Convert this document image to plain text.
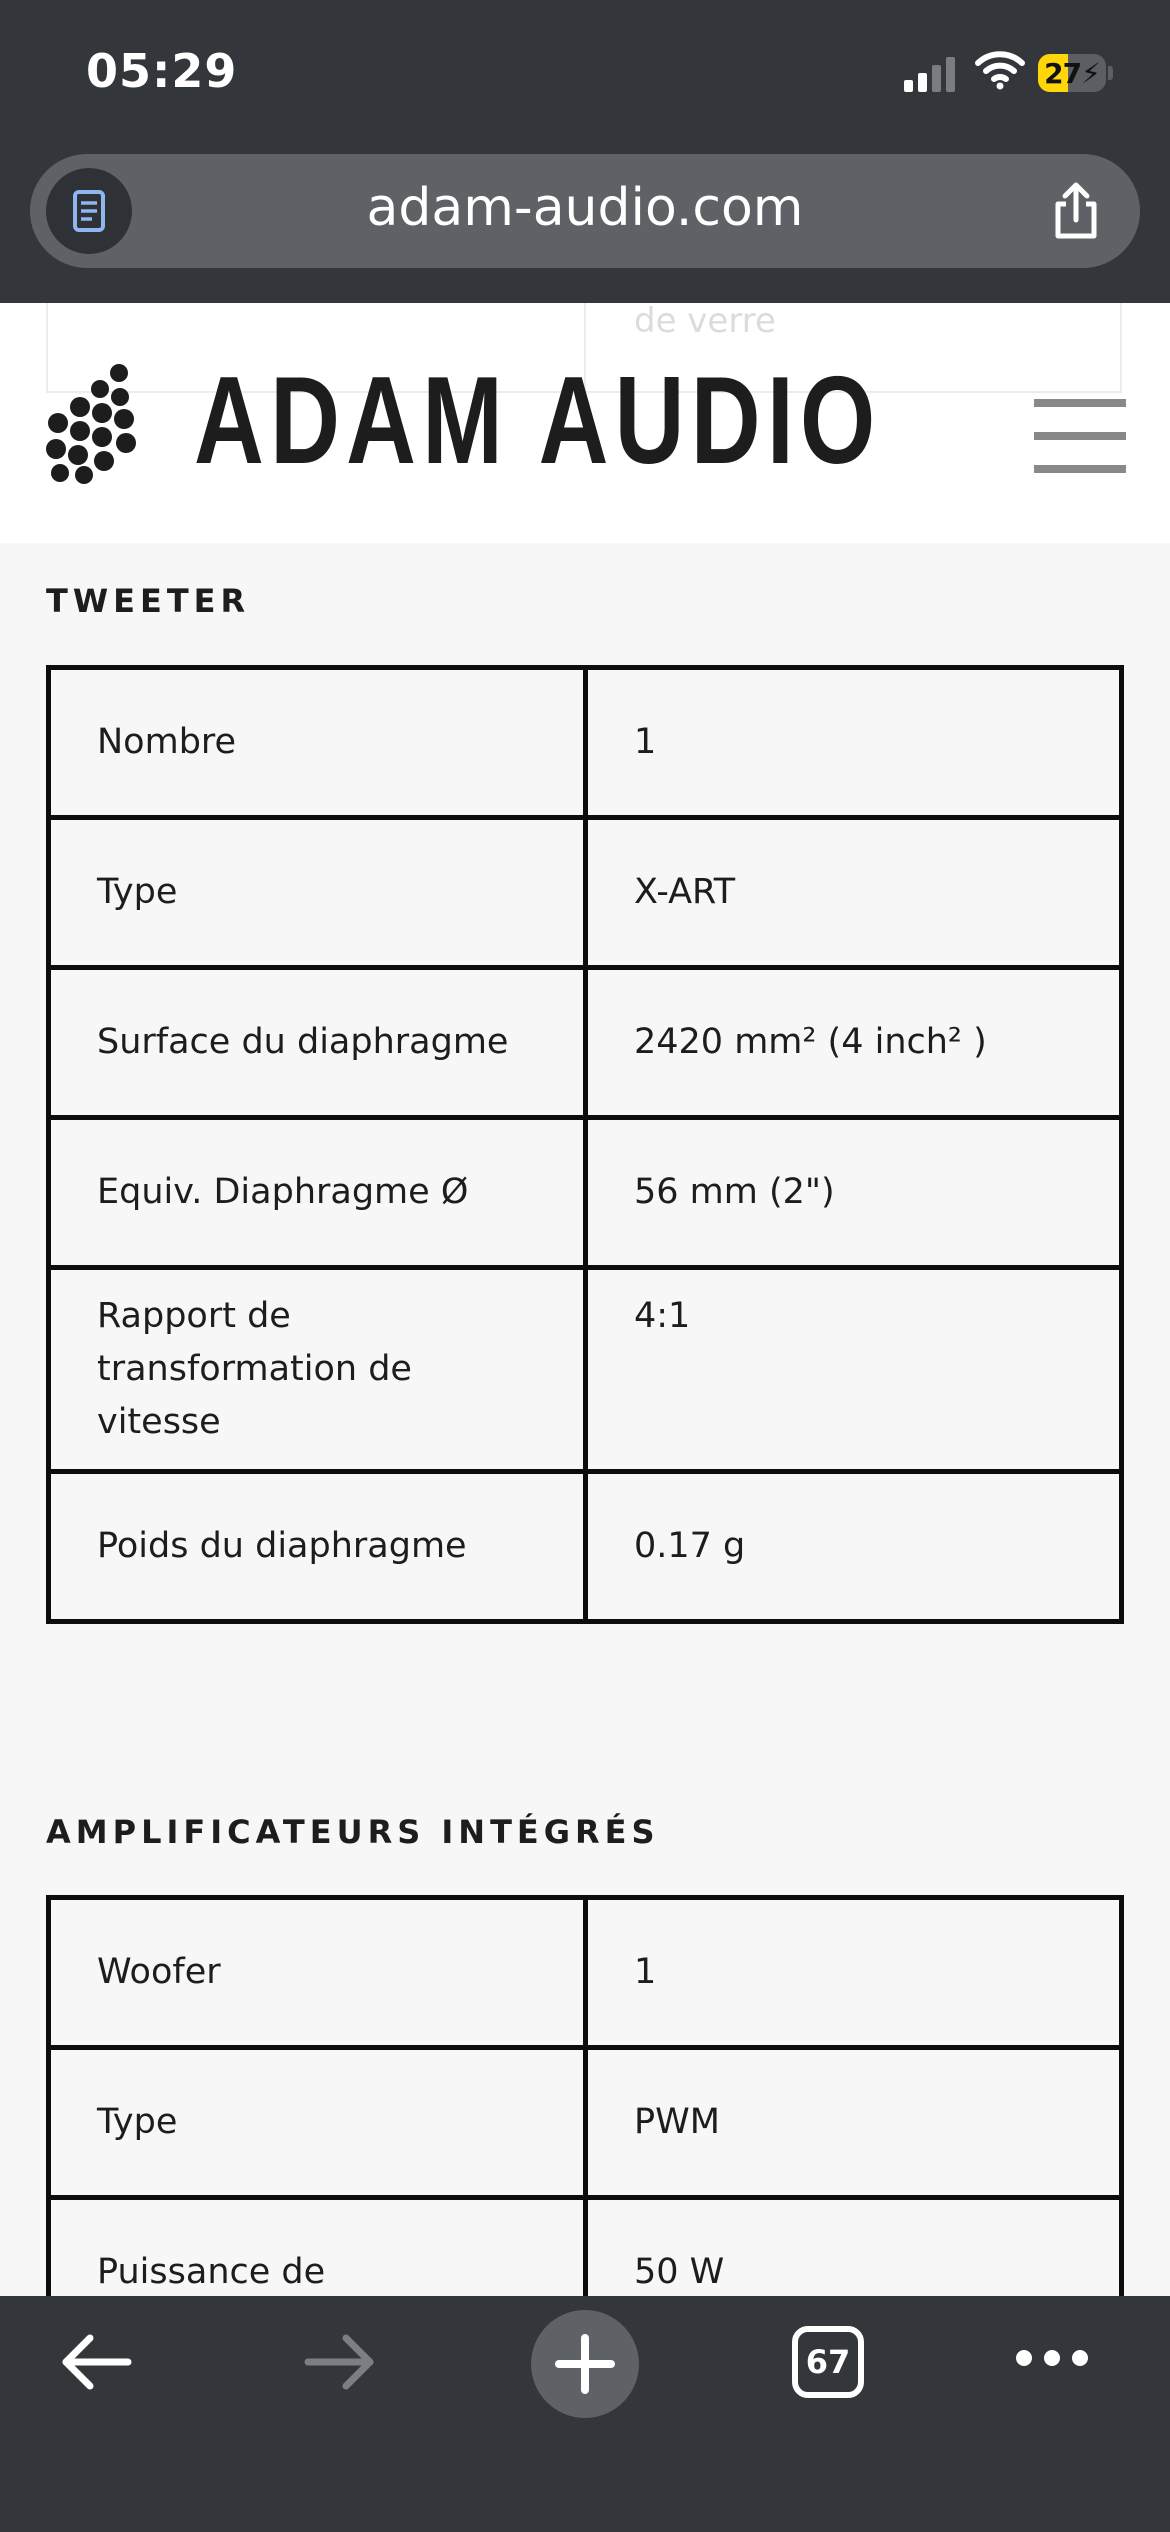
05:29	27⚡
adam-audio.com
de verre
ADAM AUDIO
TWEETER
Nombre	1
Type	X-ART
Surface du diaphragme	2420 mm² (4 inch² )
Equiv. Diaphragme Ø	56 mm (2")
Rapport de transformation de vitesse	4:1
Poids du diaphragme	0.17 g
AMPLIFICATEURS INTÉGRÉS
Woofer	1
Type	PWM
Puissance de	50 W
67
